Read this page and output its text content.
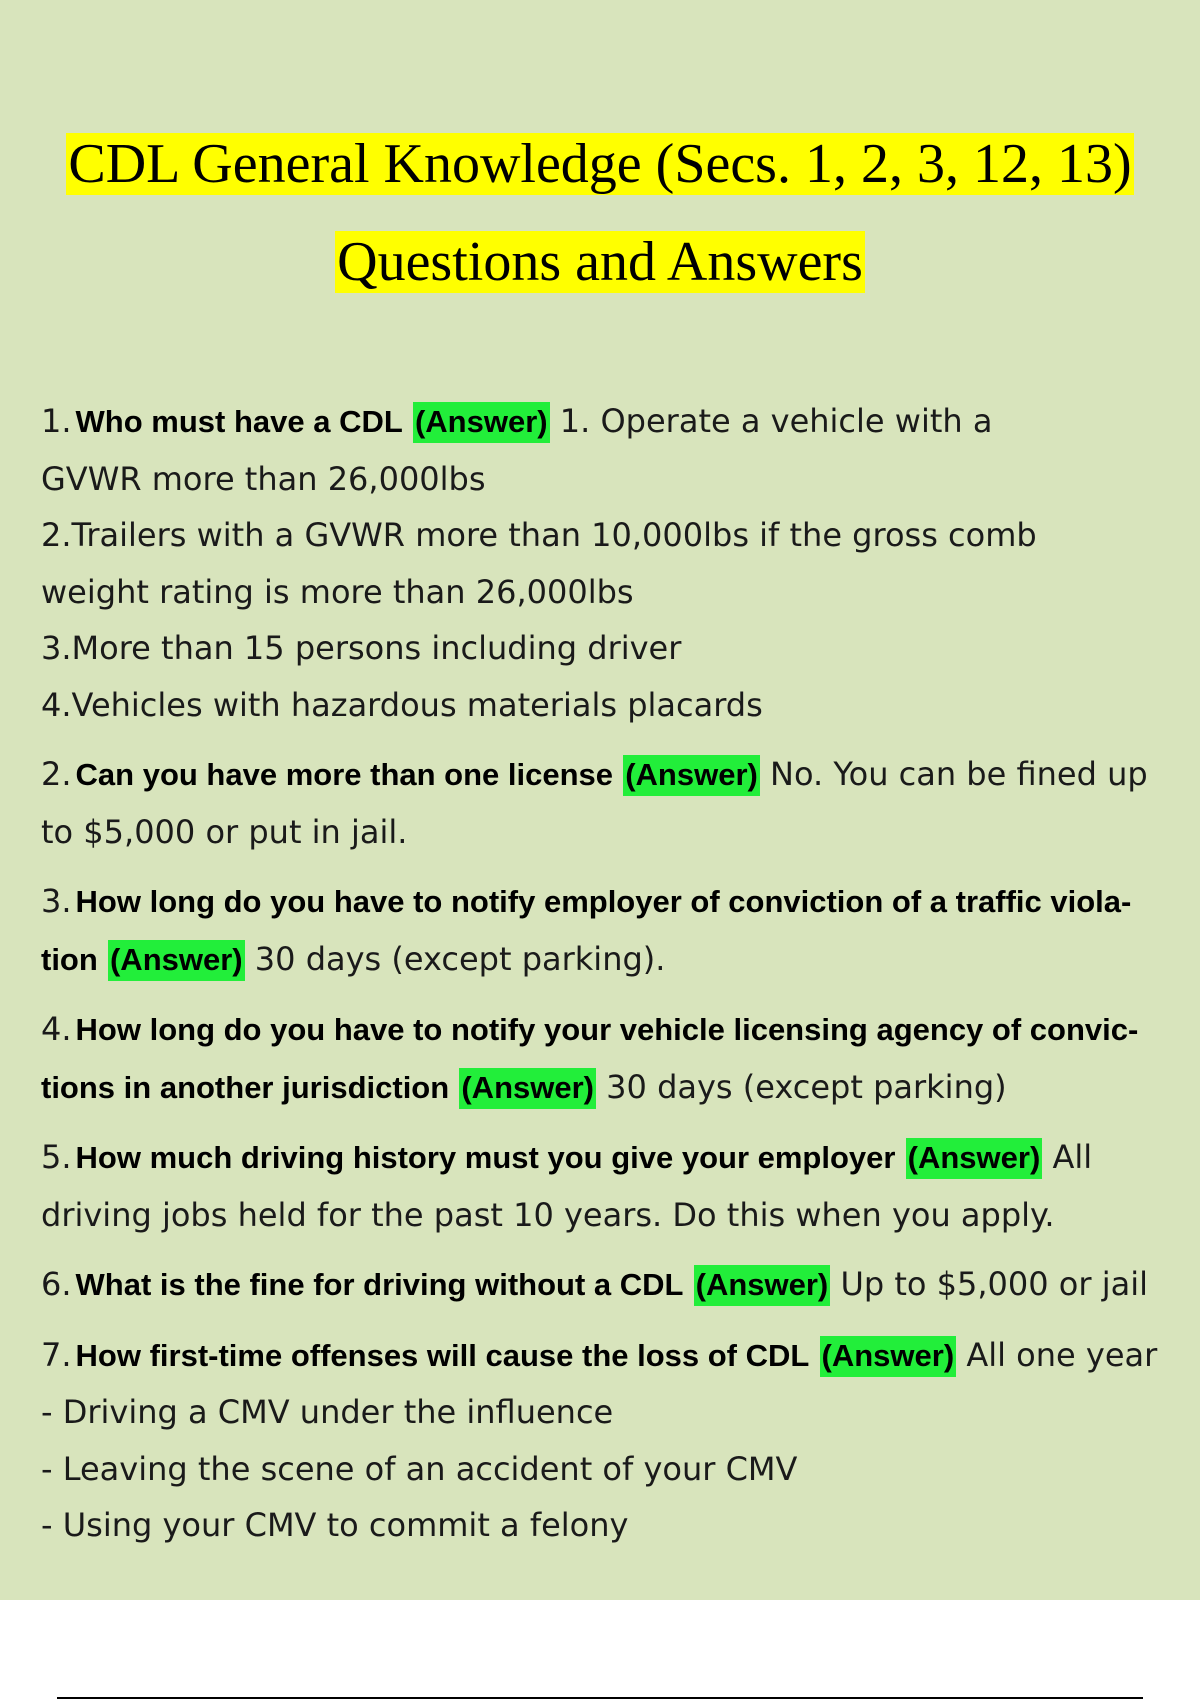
CDL General Knowledge (Secs. 1, 2, 3, 12, 13)
Questions and Answers
1. Who must have a CDL (Answer) 1. Operate a vehicle with a
GVWR more than 26,000lbs
2.Trailers with a GVWR more than 10,000lbs if the gross comb
weight rating is more than 26,000lbs
3.More than 15 persons including driver
4.Vehicles with hazardous materials placards
2. Can you have more than one license (Answer) No. You can be fined up
to $5,000 or put in jail.
3. How long do you have to notify employer of conviction of a traffic viola- tion (Answer) 30 days (except parking).
4. How long do you have to notify your vehicle licensing agency of convic- tions in another jurisdiction (Answer) 30 days (except parking)
5. How much driving history must you give your employer (Answer) All
driving jobs held for the past 10 years. Do this when you apply.
6. What is the fine for driving without a CDL (Answer) Up to $5,000 or jail
7. How first-time offenses will cause the loss of CDL (Answer) All one year
- Driving a CMV under the influence
- Leaving the scene of an accident of your CMV
- Using your CMV to commit a felony
